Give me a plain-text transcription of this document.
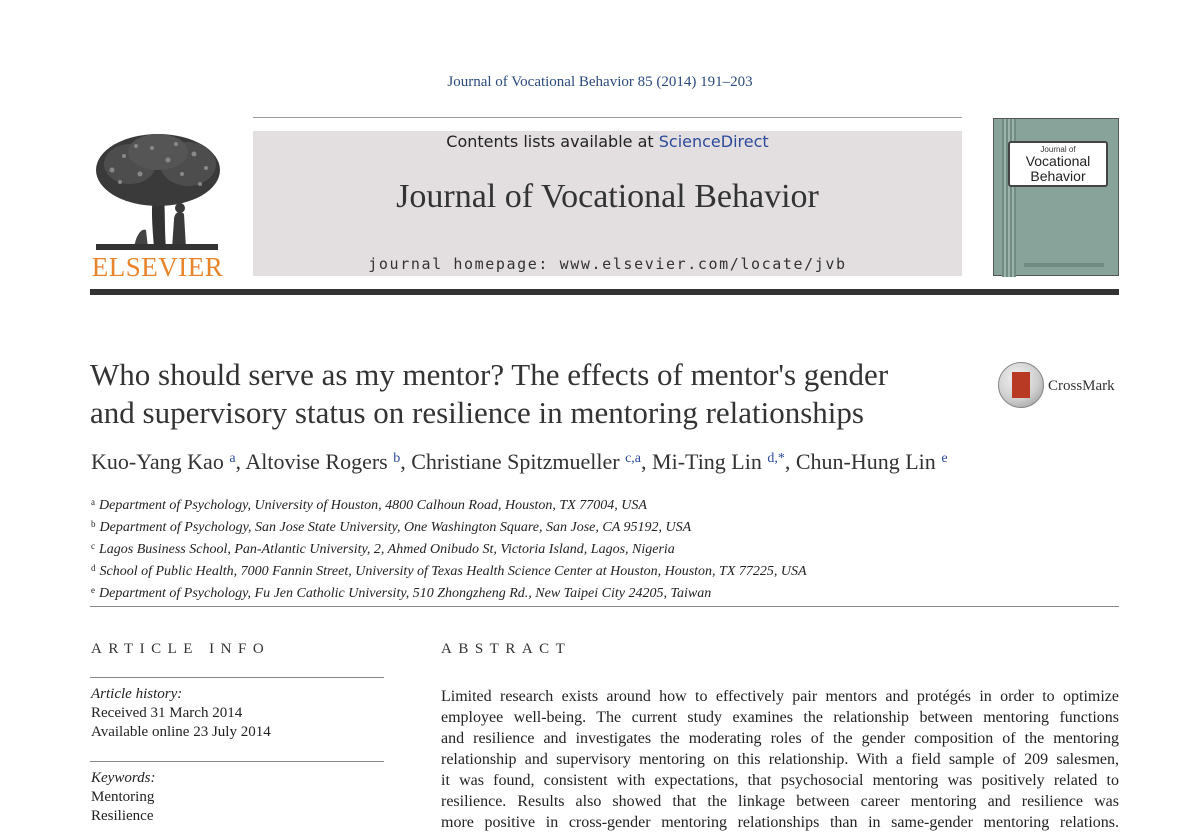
Journal of Vocational Behavior 85 (2014) 191–203
ELSEVIER
Contents lists available at ScienceDirect
Journal of Vocational Behavior
journal homepage: www.elsevier.com/locate/jvb
Journal of
Vocational
Behavior
Who should serve as my mentor? The effects of mentor's gender
and supervisory status on resilience in mentoring relationships
CrossMark
Kuo-Yang Kao $^a$, Altovise Rogers $^b$, Christiane Spitzmueller $^{c,a}$, Mi-Ting Lin $^{d,*}$, Chun-Hung Lin $^e$
$^a$ Department of Psychology, University of Houston, 4800 Calhoun Road, Houston, TX 77004, USA
$^b$ Department of Psychology, San Jose State University, One Washington Square, San Jose, CA 95192, USA
$^c$ Lagos Business School, Pan-Atlantic University, 2, Ahmed Onibudo St, Victoria Island, Lagos, Nigeria
$^d$ School of Public Health, 7000 Fannin Street, University of Texas Health Science Center at Houston, Houston, TX 77225, USA
$^e$ Department of Psychology, Fu Jen Catholic University, 510 Zhongzheng Rd., New Taipei City 24205, Taiwan
ARTICLE INFO
Article history:
Received 31 March 2014
Available online 23 July 2014
Keywords:
Mentoring
Resilience
ABSTRACT
Limited research exists around how to effectively pair mentors and protégés in order to optimize
employee well-being. The current study examines the relationship between mentoring functions
and resilience and investigates the moderating roles of the gender composition of the mentoring
relationship and supervisory mentoring on this relationship. With a field sample of 209 salesmen,
it was found, consistent with expectations, that psychosocial mentoring was positively related to
resilience. Results also showed that the linkage between career mentoring and resilience was
more positive in cross-gender mentoring relationships than in same-gender mentoring relations.
